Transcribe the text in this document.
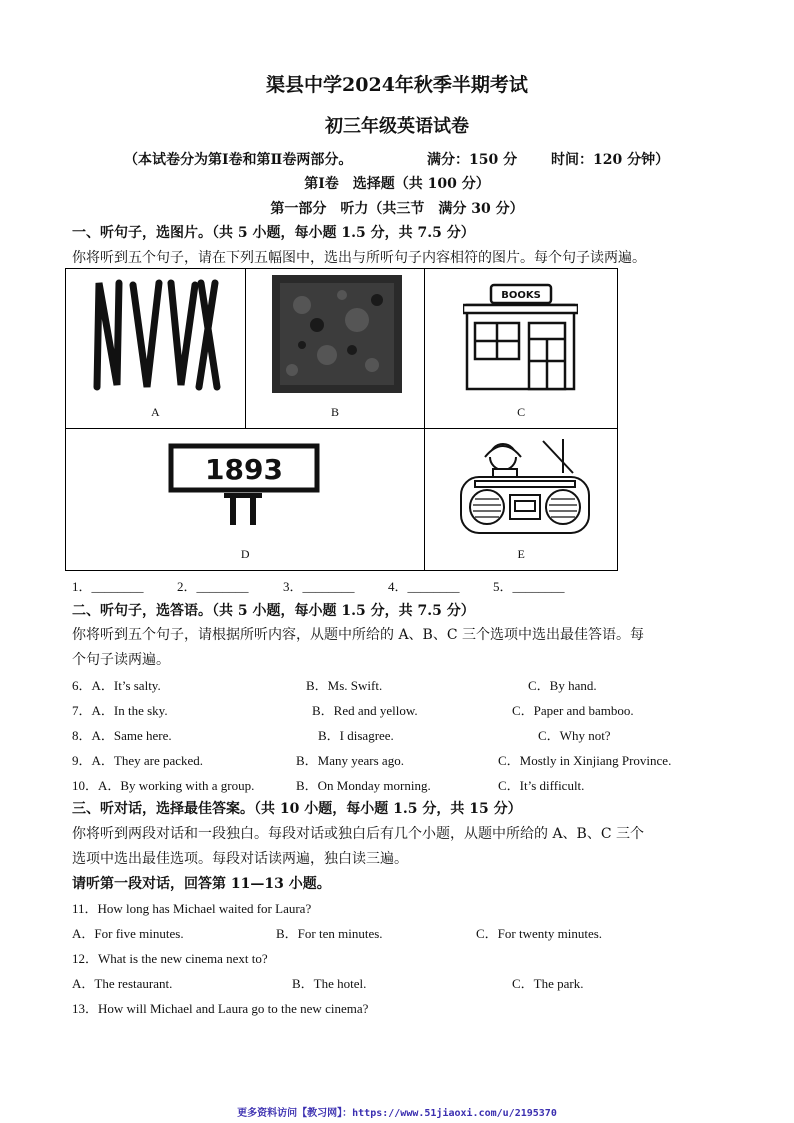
渠县中学2024年秋季半期考试
初三年级英语试卷
（本试卷分为第Ⅰ卷和第Ⅱ卷两部分。	满分：150 分 时间：120 分钟）
第Ⅰ卷　选择题（共 100 分）
第一部分　听力（共三节　满分 30 分）
一、听句子，选图片。（共 5 小题，每小题 1.5 分，共 7.5 分）
你将听到五个句子，请在下列五幅图中，选出与所听句子内容相符的图片。每个句子读两遍。
A	B	BOOKS
C

1893
D		E
1．________	2．________	3．________	4．________	5．________
二、听句子，选答语。（共 5 小题，每小题 1.5 分，共 7.5 分）
你将听到五个句子，请根据所听内容，从题中所给的 A、B、C 三个选项中选出最佳答语。每
个句子读两遍。
6．A．It’s salty.	B．Ms. Swift.	C．By hand.
7．A．In the sky.	B．Red and yellow.	C．Paper and bamboo.
8．A．Same here.	B．I disagree.	C．Why not?
9．A．They are packed.	B．Many years ago.	C．Mostly in Xinjiang Province.
10．A．By working with a group.	B．On Monday morning.	C．It’s difficult.
三、听对话，选择最佳答案。（共 10 小题，每小题 1.5 分，共 15 分）
你将听到两段对话和一段独白。每段对话或独白后有几个小题，从题中所给的 A、B、C 三个
选项中选出最佳选项。每段对话读两遍，独白读三遍。
请听第一段对话，回答第 11—13 小题。
11．How long has Michael waited for Laura?
A．For five minutes.	B．For ten minutes.	C．For twenty minutes.
12．What is the new cinema next to?
A．The restaurant.	B．The hotel.	C．The park.
13．How will Michael and Laura go to the new cinema?
更多资料访问【教习网】：https://www.51jiaoxi.com/u/2195370
